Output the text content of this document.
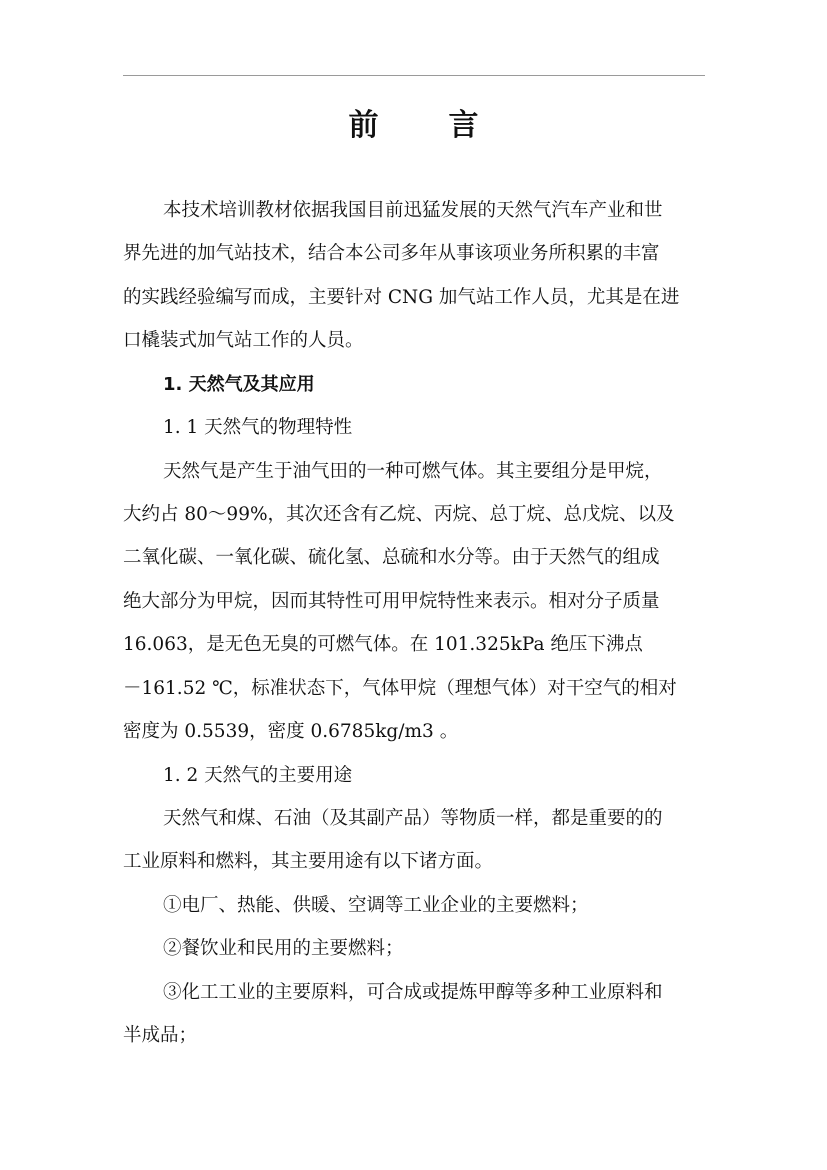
前 言
本技术培训教材依据我国目前迅猛发展的天然气汽车产业和世
界先进的加气站技术，结合本公司多年从事该项业务所积累的丰富
的实践经验编写而成，主要针对 CNG 加气站工作人员，尤其是在进
口橇装式加气站工作的人员。
1. 天然气及其应用
1. 1 天然气的物理特性
天然气是产生于油气田的一种可燃气体。其主要组分是甲烷，
大约占 80～99%，其次还含有乙烷、丙烷、总丁烷、总戊烷、以及
二氧化碳、一氧化碳、硫化氢、总硫和水分等。由于天然气的组成
绝大部分为甲烷，因而其特性可用甲烷特性来表示。相对分子质量
16.063，是无色无臭的可燃气体。在 101.325kPa 绝压下沸点
－161.52 ℃，标准状态下，气体甲烷（理想气体）对干空气的相对
密度为 0.5539，密度 0.6785kg/m3 。
1. 2 天然气的主要用途
天然气和煤、石油（及其副产品）等物质一样，都是重要的的
工业原料和燃料，其主要用途有以下诸方面。
①电厂、热能、供暖、空调等工业企业的主要燃料；
②餐饮业和民用的主要燃料；
③化工工业的主要原料，可合成或提炼甲醇等多种工业原料和
半成品；
